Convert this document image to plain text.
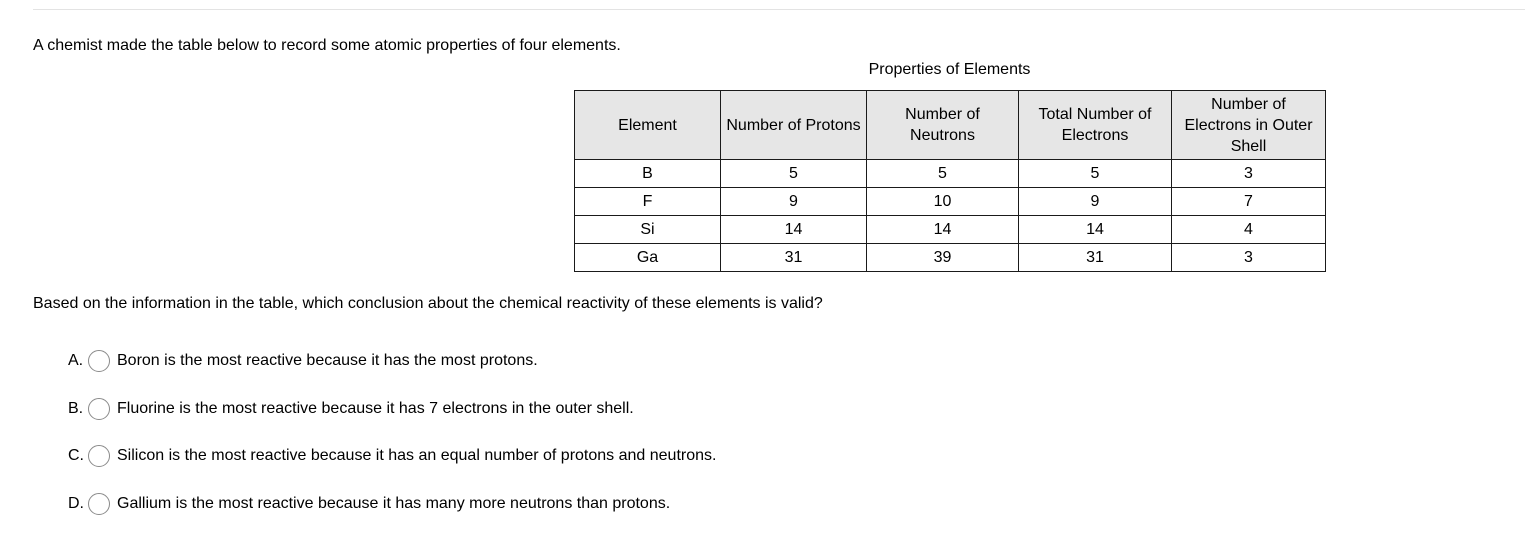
A chemist made the table below to record some atomic properties of four elements.
Properties of Elements
Element	Number of Protons	Number of Neutrons	Total Number of Electrons	Number of Electrons in Outer Shell
B	5	5	5	3
F	9	10	9	7
Si	14	14	14	4
Ga	31	39	31	3
Based on the information in the table, which conclusion about the chemical reactivity of these elements is valid?
A.	Boron is the most reactive because it has the most protons.
B.	Fluorine is the most reactive because it has 7 electrons in the outer shell.
C. Silicon is the most reactive because it has an equal number of protons and neutrons.
D. Gallium is the most reactive because it has many more neutrons than protons.
